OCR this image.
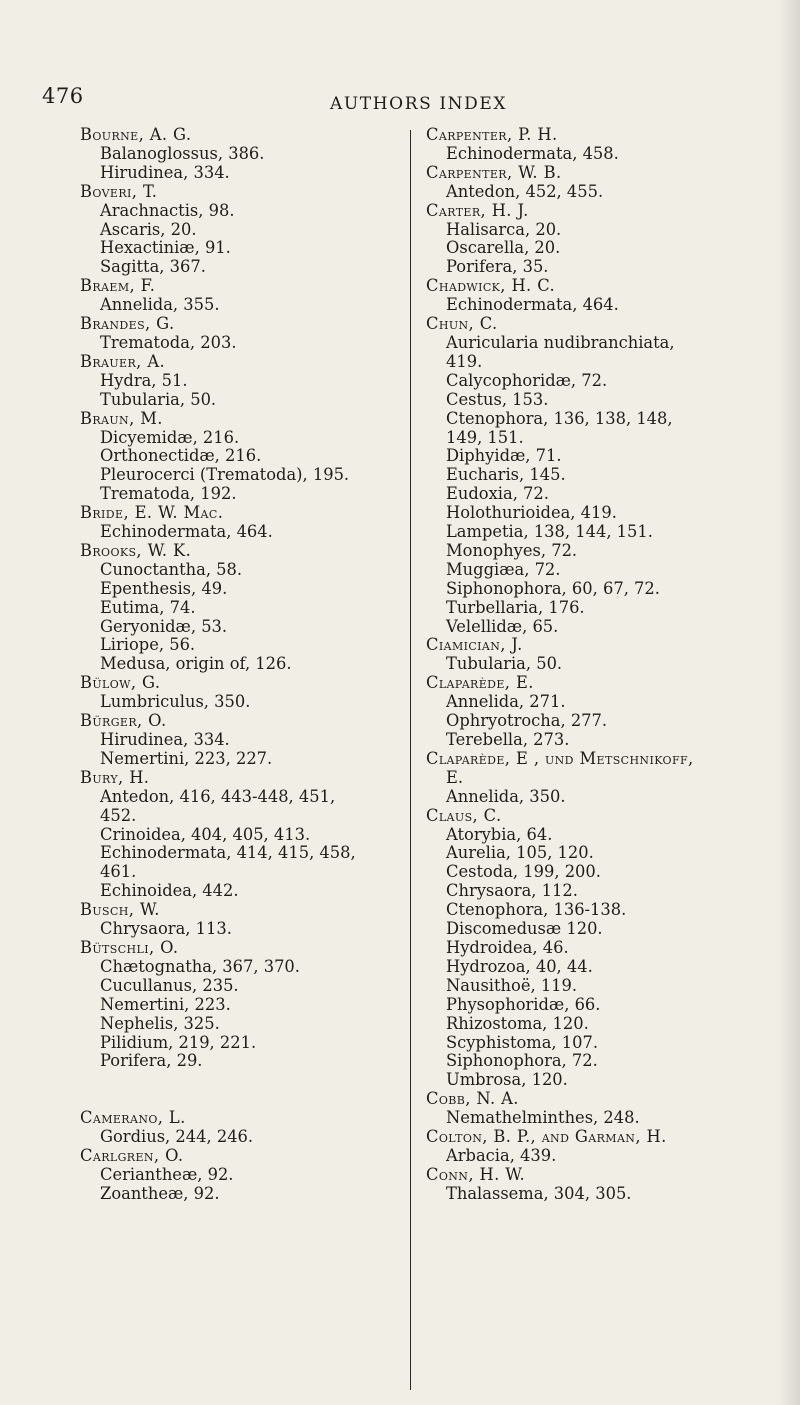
476	AUTHORS INDEX
Bourne, A. G.
Balanoglossus, 386.
Hirudinea, 334.
Boveri, T.
Arachnactis, 98.
Ascaris, 20.
Hexactiniæ, 91.
Sagitta, 367.
Braem, F.
Annelida, 355.
Brandes, G.
Trematoda, 203.
Brauer, A.
Hydra, 51.
Tubularia, 50.
Braun, M.
Dicyemidæ, 216.
Orthonectidæ, 216.
Pleurocerci (Trematoda), 195.
Trematoda, 192.
Bride, E. W. Mac.
Echinodermata, 464.
Brooks, W. K.
Cunoctantha, 58.
Epenthesis, 49.
Eutima, 74.
Geryonidæ, 53.
Liriope, 56.
Medusa, origin of, 126.
Bülow, G.
Lumbriculus, 350.
Bürger, O.
Hirudinea, 334.
Nemertini, 223, 227.
Bury, H.
Antedon, 416, 443-448, 451,
452.
Crinoidea, 404, 405, 413.
Echinodermata, 414, 415, 458,
461.
Echinoidea, 442.
Busch, W.
Chrysaora, 113.
Bütschli, O.
Chætognatha, 367, 370.
Cucullanus, 235.
Nemertini, 223.
Nephelis, 325.
Pilidium, 219, 221.
Porifera, 29.
Camerano, L.
Gordius, 244, 246.
Carlgren, O.
Ceriantheæ, 92.
Zoantheæ, 92.
Carpenter, P. H.
Echinodermata, 458.
Carpenter, W. B.
Antedon, 452, 455.
Carter, H. J.
Halisarca, 20.
Oscarella, 20.
Porifera, 35.
Chadwick, H. C.
Echinodermata, 464.
Chun, C.
Auricularia nudibranchiata,
419.
Calycophoridæ, 72.
Cestus, 153.
Ctenophora, 136, 138, 148,
149, 151.
Diphyidæ, 71.
Eucharis, 145.
Eudoxia, 72.
Holothurioidea, 419.
Lampetia, 138, 144, 151.
Monophyes, 72.
Muggiæa, 72.
Siphonophora, 60, 67, 72.
Turbellaria, 176.
Velellidæ, 65.
Ciamician, J.
Tubularia, 50.
Claparède, E.
Annelida, 271.
Ophryotrocha, 277.
Terebella, 273.
Claparède, E , und Metschnikoff,
E.
Annelida, 350.
Claus, C.
Atorybia, 64.
Aurelia, 105, 120.
Cestoda, 199, 200.
Chrysaora, 112.
Ctenophora, 136-138.
Discomedusæ 120.
Hydroidea, 46.
Hydrozoa, 40, 44.
Nausithoë, 119.
Physophoridæ, 66.
Rhizostoma, 120.
Scyphistoma, 107.
Siphonophora, 72.
Umbrosa, 120.
Cobb, N. A.
Nemathelminthes, 248.
Colton, B. P., and Garman, H.
Arbacia, 439.
Conn, H. W.
Thalassema, 304, 305.
